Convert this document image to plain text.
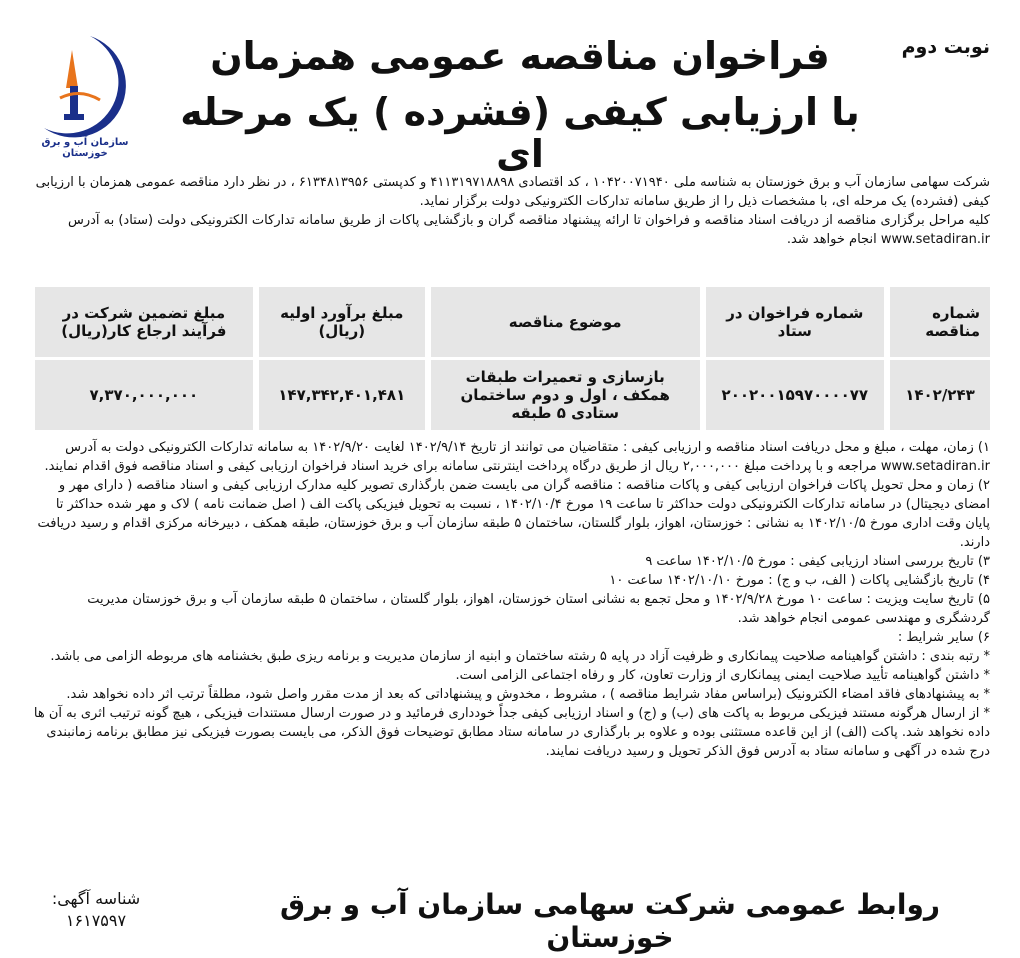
سازمان آب و برق خوزستان
نوبت دوم
فراخوان مناقصه عمومی همزمان
با ارزیابی کیفی (فشرده ) یک مرحله ای
شرکت سهامی سازمان آب و برق خوزستان به شناسه ملی ۱۰۴۲۰۰۷۱۹۴۰ ، کد اقتصادی ۴۱۱۳۱۹۷۱۸۸۹۸ و کدپستی ۶۱۳۴۸۱۳۹۵۶ ، در نظر دارد مناقصه عمومی همزمان با ارزیابی کیفی (فشرده) یک مرحله ای، با مشخصات ذیل را از طریق سامانه تدارکات الکترونیکی دولت برگزار نماید.
کلیه مراحل برگزاری مناقصه از دریافت اسناد مناقصه و فراخوان تا ارائه پیشنهاد مناقصه گران و بازگشایی پاکات از طریق سامانه تدارکات الکترونیکی دولت (ستاد) به آدرس www.setadiran.ir انجام خواهد شد.
شماره مناقصه	شماره فراخوان در ستاد	موضوع مناقصه	مبلغ برآورد اولیه (ریال)	مبلغ تضمین شرکت در فرآیند ارجاع کار(ریال)
۱۴۰۲/۲۴۳	۲۰۰۲۰۰۱۵۹۷۰۰۰۰۷۷	بازسازی و تعمیرات طبقات همکف ، اول و دوم ساختمان ستادی ۵ طبقه	۱۴۷,۳۴۲,۴۰۱,۴۸۱	۷,۳۷۰,۰۰۰,۰۰۰

۱) زمان، مهلت ، مبلغ و محل دریافت اسناد مناقصه و ارزیابی کیفی : متقاضیان می توانند از تاریخ ۱۴۰۲/۹/۱۴ لغایت ۱۴۰۲/۹/۲۰ به سامانه تدارکات الکترونیکی دولت به آدرس www.setadiran.ir مراجعه و با پرداخت مبلغ ۲,۰۰۰,۰۰۰ ریال از طریق درگاه پرداخت اینترنتی سامانه برای خرید اسناد فراخوان ارزیابی کیفی و اسناد مناقصه فوق اقدام نمایند.

۲) زمان و محل تحویل پاکات فراخوان ارزیابی کیفی و پاکات مناقصه : مناقصه گران می بایست ضمن بارگذاری تصویر کلیه مدارک ارزیابی کیفی و اسناد مناقصه ( دارای مهر و امضای دیجیتال) در سامانه تدارکات الکترونیکی دولت حداکثر تا ساعت ۱۹ مورخ ۱۴۰۲/۱۰/۴ ، نسبت به تحویل فیزیکی پاکت الف ( اصل ضمانت نامه ) لاک و مهر شده حداکثر تا پایان وقت اداری مورخ ۱۴۰۲/۱۰/۵ به نشانی : خوزستان، اهواز، بلوار گلستان، ساختمان ۵ طبقه سازمان آب و برق خوزستان، طبقه همکف ، دبیرخانه مرکزی اقدام و رسید دریافت دارند.

۳) تاریخ بررسی اسناد ارزیابی کیفی : مورخ ۱۴۰۲/۱۰/۵ ساعت ۹

۴) تاریخ بازگشایی پاکات ( الف، ب و ج) : مورخ ۱۴۰۲/۱۰/۱۰ ساعت ۱۰

۵) تاریخ سایت ویزیت : ساعت ۱۰ مورخ ۱۴۰۲/۹/۲۸ و محل تجمع به نشانی استان خوزستان، اهواز، بلوار گلستان ، ساختمان ۵ طبقه سازمان آب و برق خوزستان مدیریت گردشگری و مهندسی عمومی انجام خواهد شد.

۶) سایر شرایط :

* رتبه بندی : داشتن گواهینامه صلاحیت پیمانکاری و ظرفیت آزاد در پایه ۵ رشته ساختمان و ابنیه از سازمان مدیریت و برنامه ریزی طبق بخشنامه های مربوطه الزامی می باشد.

* داشتن گواهینامه تأیید صلاحیت ایمنی پیمانکاری از وزارت تعاون، کار و رفاه اجتماعی الزامی است.

* به پیشنهادهای فاقد امضاء الکترونیک (براساس مفاد شرایط مناقصه ) ، مشروط ، مخدوش و پیشنهاداتی که بعد از مدت مقرر واصل شود، مطلقاً ترتب اثر داده نخواهد شد.

* از ارسال هرگونه مستند فیزیکی مربوط به پاکت های (ب) و (ج) و اسناد ارزیابی کیفی جداً خودداری فرمائید و در صورت ارسال مستندات فیزیکی ، هیچ گونه ترتیب اثری به آن ها داده نخواهد شد. پاکت (الف) از این قاعده مستثنی بوده و علاوه بر بارگذاری در سامانه ستاد مطابق توضیحات فوق الذکر، می بایست بصورت فیزیکی نیز مطابق برنامه زمانبندی درج شده در آگهی و سامانه ستاد به آدرس فوق الذکر تحویل و رسید دریافت نمایند.

شناسه آگهی:
۱۶۱۷۵۹۷	روابط عمومی شرکت سهامی سازمان آب و برق خوزستان
